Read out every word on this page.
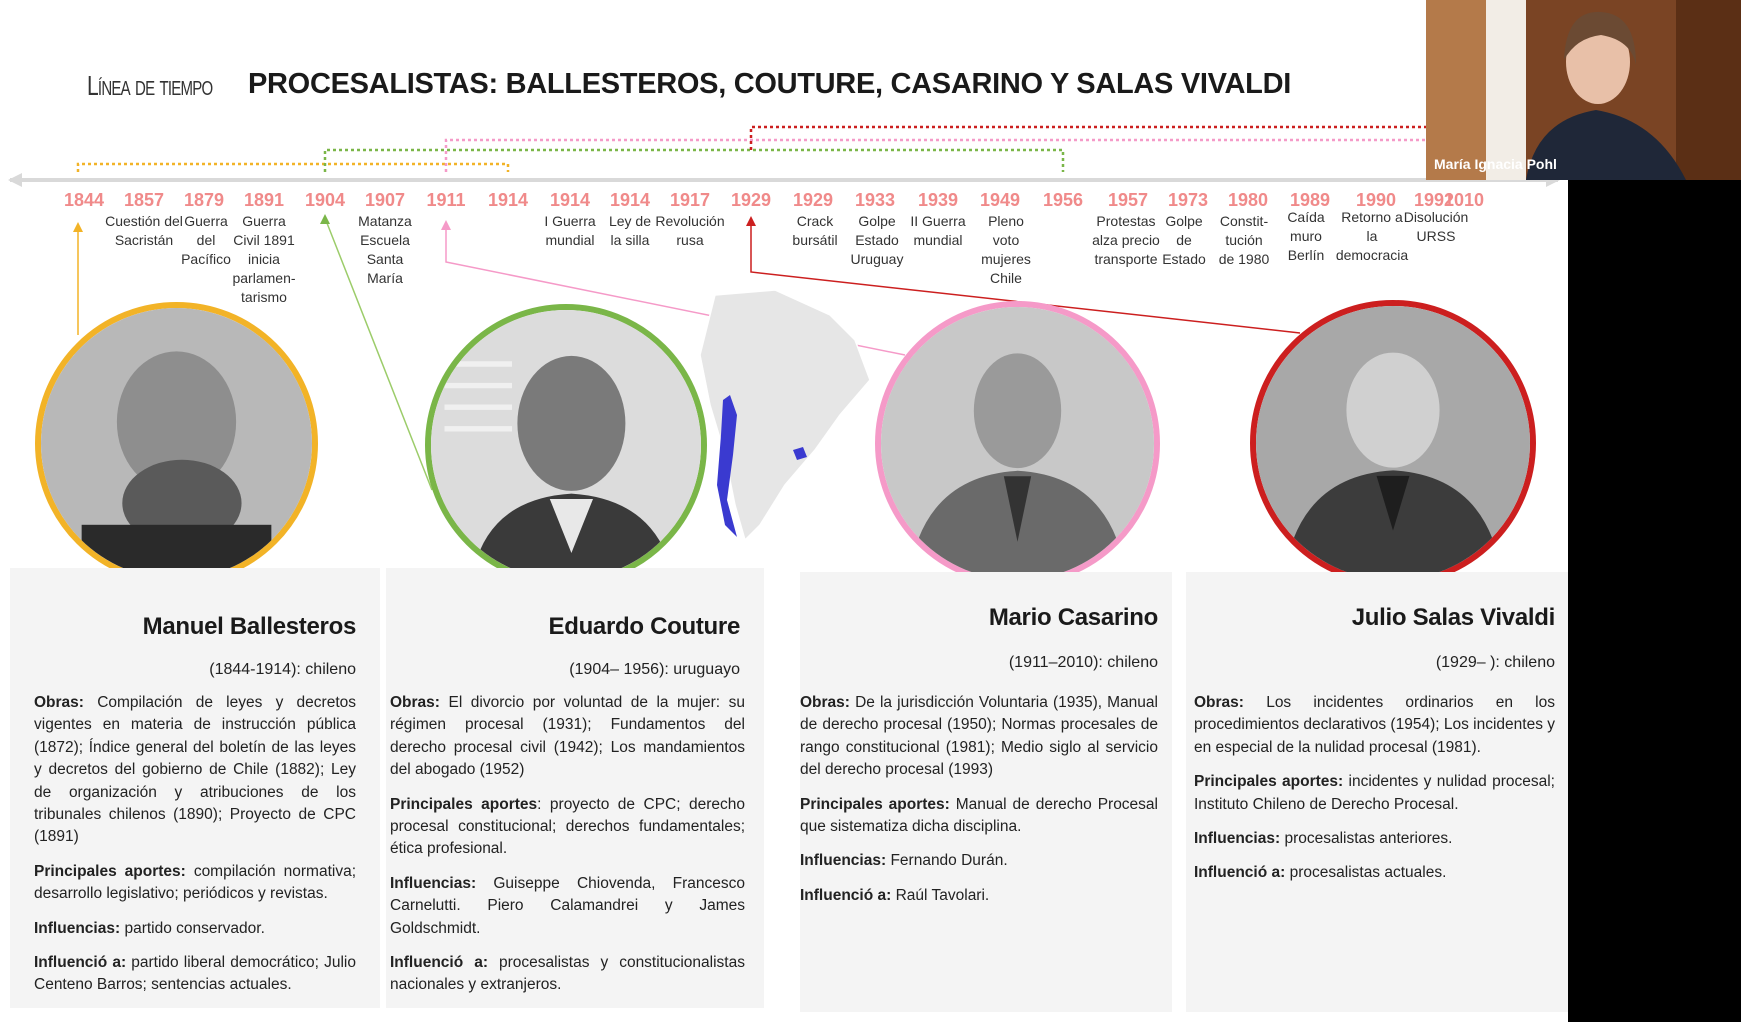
Línea de tiempo PROCESALISTAS: BALLESTEROS, COUTURE, CASARINO Y SALAS VIVALDI
1844	1857
Cuestión del Sacristán
1879
Guerra del Pacífico
1891
Guerra Civil 1891 inicia parlamen-tarismo
1904	1907
Matanza Escuela Santa María
1911	1914	1914
I Guerra mundial
1914
Ley de la silla
1917
Revolución rusa
1929	1929
Crack bursátil
1933
Golpe Estado Uruguay
1939
II Guerra mundial
1949
Pleno voto mujeres Chile
1956	1957
Protestas alza precio transporte
1973
Golpe de Estado
1980
Constit-tución de 1980
1989
Caída muro Berlín
1990
Retorno a la democracia
1991
Disolución URSS
2010
Manuel Ballesteros
(1844-1914): chileno

Obras: Compilación de leyes y decretos vigentes en materia de instrucción pública (1872); Índice general del boletín de las leyes y decretos del gobierno de Chile (1882); Ley de organización y atribuciones de los tribunales chilenos (1890); Proyecto de CPC (1891)

Principales aportes: compilación normativa; desarrollo legislativo; periódicos y revistas.

Influencias: partido conservador.

Influenció a: partido liberal democrático; Julio Centeno Barros; sentencias actuales.

Eduardo Couture
(1904– 1956): uruguayo

Obras: El divorcio por voluntad de la mujer: su régimen procesal (1931); Fundamentos del derecho procesal civil (1942); Los mandamientos del abogado (1952)

Principales aportes: proyecto de CPC; derecho procesal constitucional; derechos fundamentales; ética profesional.

Influencias: Guiseppe Chiovenda, Francesco Carnelutti. Piero Calamandrei y James Goldschmidt.

Influenció a: procesalistas y constitucionalistas nacionales y extranjeros.

Mario Casarino
(1911–2010): chileno

Obras: De la jurisdicción Voluntaria (1935), Manual de derecho procesal (1950); Normas procesales de rango constitucional (1981); Medio siglo al servicio del derecho procesal (1993)

Principales aportes: Manual de derecho Procesal que sistematiza dicha disciplina.

Influencias: Fernando Durán.

Influenció a: Raúl Tavolari.

Julio Salas Vivaldi
(1929– ): chileno

Obras: Los incidentes ordinarios en los procedimientos declarativos (1954); Los incidentes y en especial de la nulidad procesal (1981).

Principales aportes: incidentes y nulidad procesal; Instituto Chileno de Derecho Procesal.

Influencias: procesalistas anteriores.

Influenció a: procesalistas actuales.

María Ignacia Pohl
